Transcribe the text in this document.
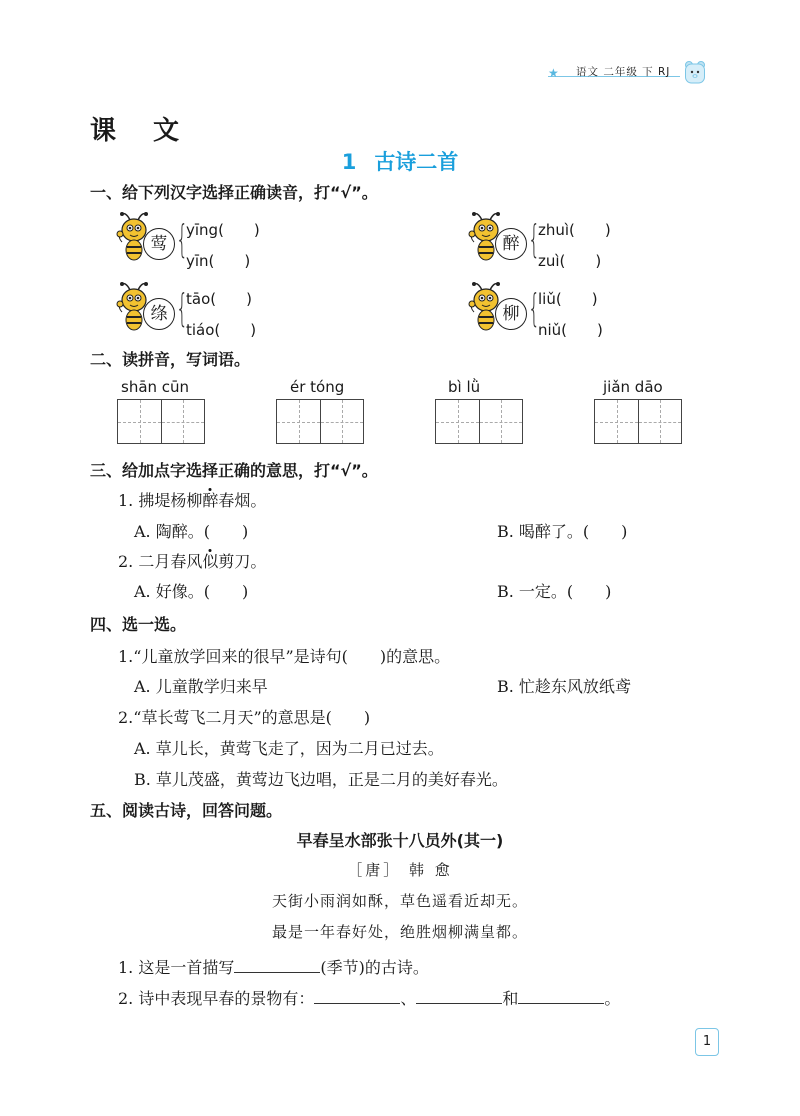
★ 语文 二年级 下 RJ
课 文
1 古诗二首
一、给下列汉字选择正确读音，打“√”。
莺 {
yīng(　　)
yīn(　　)
醉 {
zhuì(　　)
zuì(　　)
绦 {
tāo(　　)
tiáo(　　)
柳 {
liǔ(　　)
niǔ(　　)
二、读拼音，写词语。
shān cūn	ér tóng	bì lǜ	jiǎn dāo
三、给加点字选择正确的意思，打“√”。
1. 拂堤杨柳醉春烟。
A. 陶醉。(　　)	B. 喝醉了。(　　)
2. 二月春风似剪刀。
A. 好像。(　　)	B. 一定。(　　)
四、选一选。
1.“儿童放学回来的很早”是诗句(　　)的意思。
A. 儿童散学归来早	B. 忙趁东风放纸鸢
2.“草长莺飞二月天”的意思是(　　)
A. 草儿长，黄莺飞走了，因为二月已过去。
B. 草儿茂盛，黄莺边飞边唱，正是二月的美好春光。
五、阅读古诗，回答问题。
早春呈水部张十八员外(其一)
［唐］ 韩 愈
天街小雨润如酥，草色遥看近却无。
最是一年春好处，绝胜烟柳满皇都。
1. 这是一首描写	(季节)的古诗。
2. 诗中表现早春的景物有：	、	和	。
1
